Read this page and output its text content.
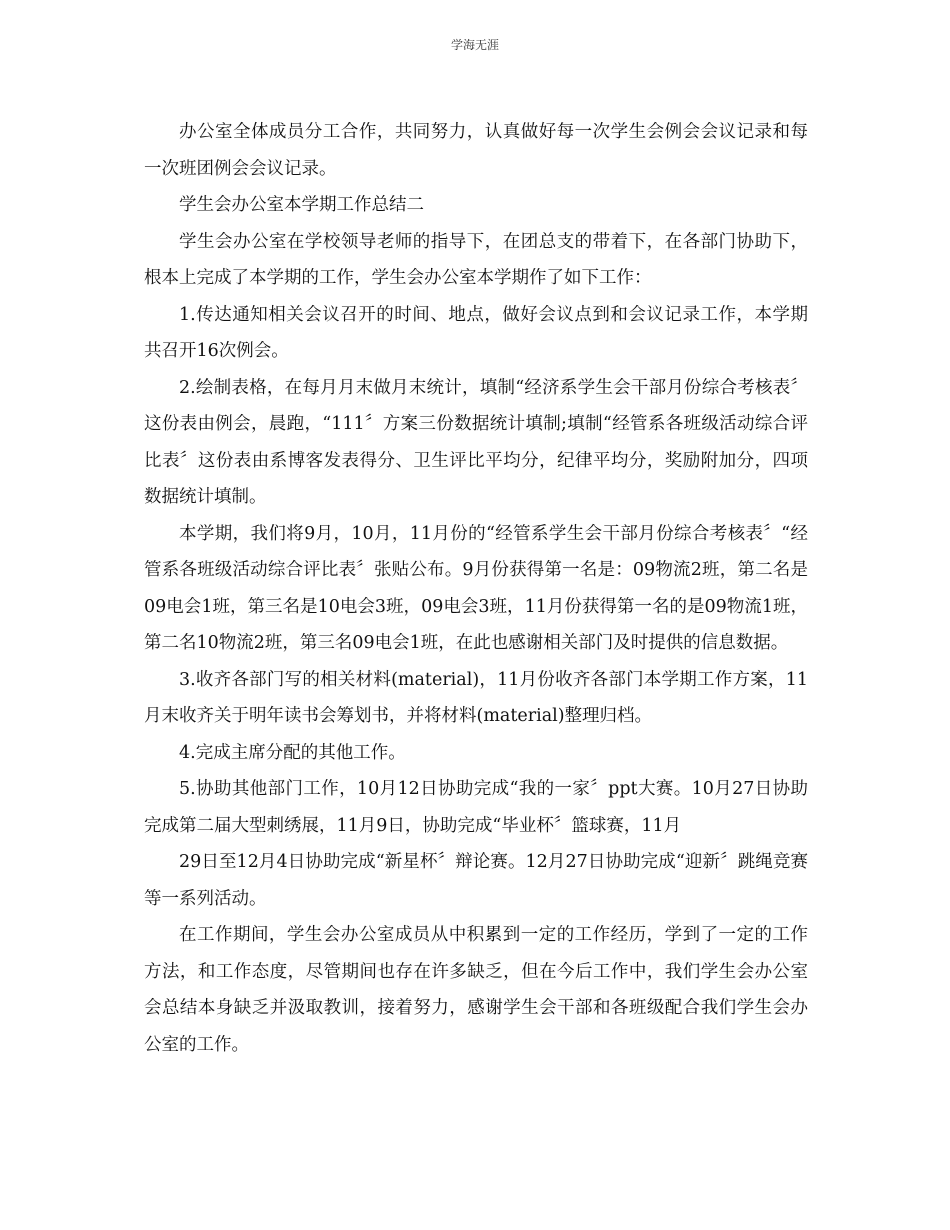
学海无涯

办公室全体成员分工合作，共同努力，认真做好每一次学生会例会会议记录和每一次班团例会会议记录。

学生会办公室本学期工作总结二

学生会办公室在学校领导老师的指导下，在团总支的带着下，在各部门协助下，根本上完成了本学期的工作，学生会办公室本学期作了如下工作：

1.传达通知相关会议召开的时间、地点，做好会议点到和会议记录工作，本学期共召开16次例会。

2.绘制表格，在每月月末做月末统计，填制“经济系学生会干部月份综合考核表〞这份表由例会，晨跑，“111〞方案三份数据统计填制;填制“经管系各班级活动综合评比表〞这份表由系博客发表得分、卫生评比平均分，纪律平均分，奖励附加分，四项数据统计填制。

本学期，我们将9月，10月，11月份的“经管系学生会干部月份综合考核表〞“经管系各班级活动综合评比表〞张贴公布。9月份获得第一名是：09物流2班，第二名是09电会1班，第三名是10电会3班，09电会3班，11月份获得第一名的是09物流1班，第二名10物流2班，第三名09电会1班，在此也感谢相关部门及时提供的信息数据。

3.收齐各部门写的相关材料(material)，11月份收齐各部门本学期工作方案，11月末收齐关于明年读书会筹划书，并将材料(material)整理归档。

4.完成主席分配的其他工作。

5.协助其他部门工作，10月12日协助完成“我的一家〞ppt大赛。10月27日协助完成第二届大型刺绣展，11月9日，协助完成“毕业杯〞篮球赛，11月

29日至12月4日协助完成“新星杯〞辩论赛。12月27日协助完成“迎新〞跳绳竞赛等一系列活动。

在工作期间，学生会办公室成员从中积累到一定的工作经历，学到了一定的工作方法，和工作态度，尽管期间也存在许多缺乏，但在今后工作中，我们学生会办公室会总结本身缺乏并汲取教训，接着努力，感谢学生会干部和各班级配合我们学生会办公室的工作。
